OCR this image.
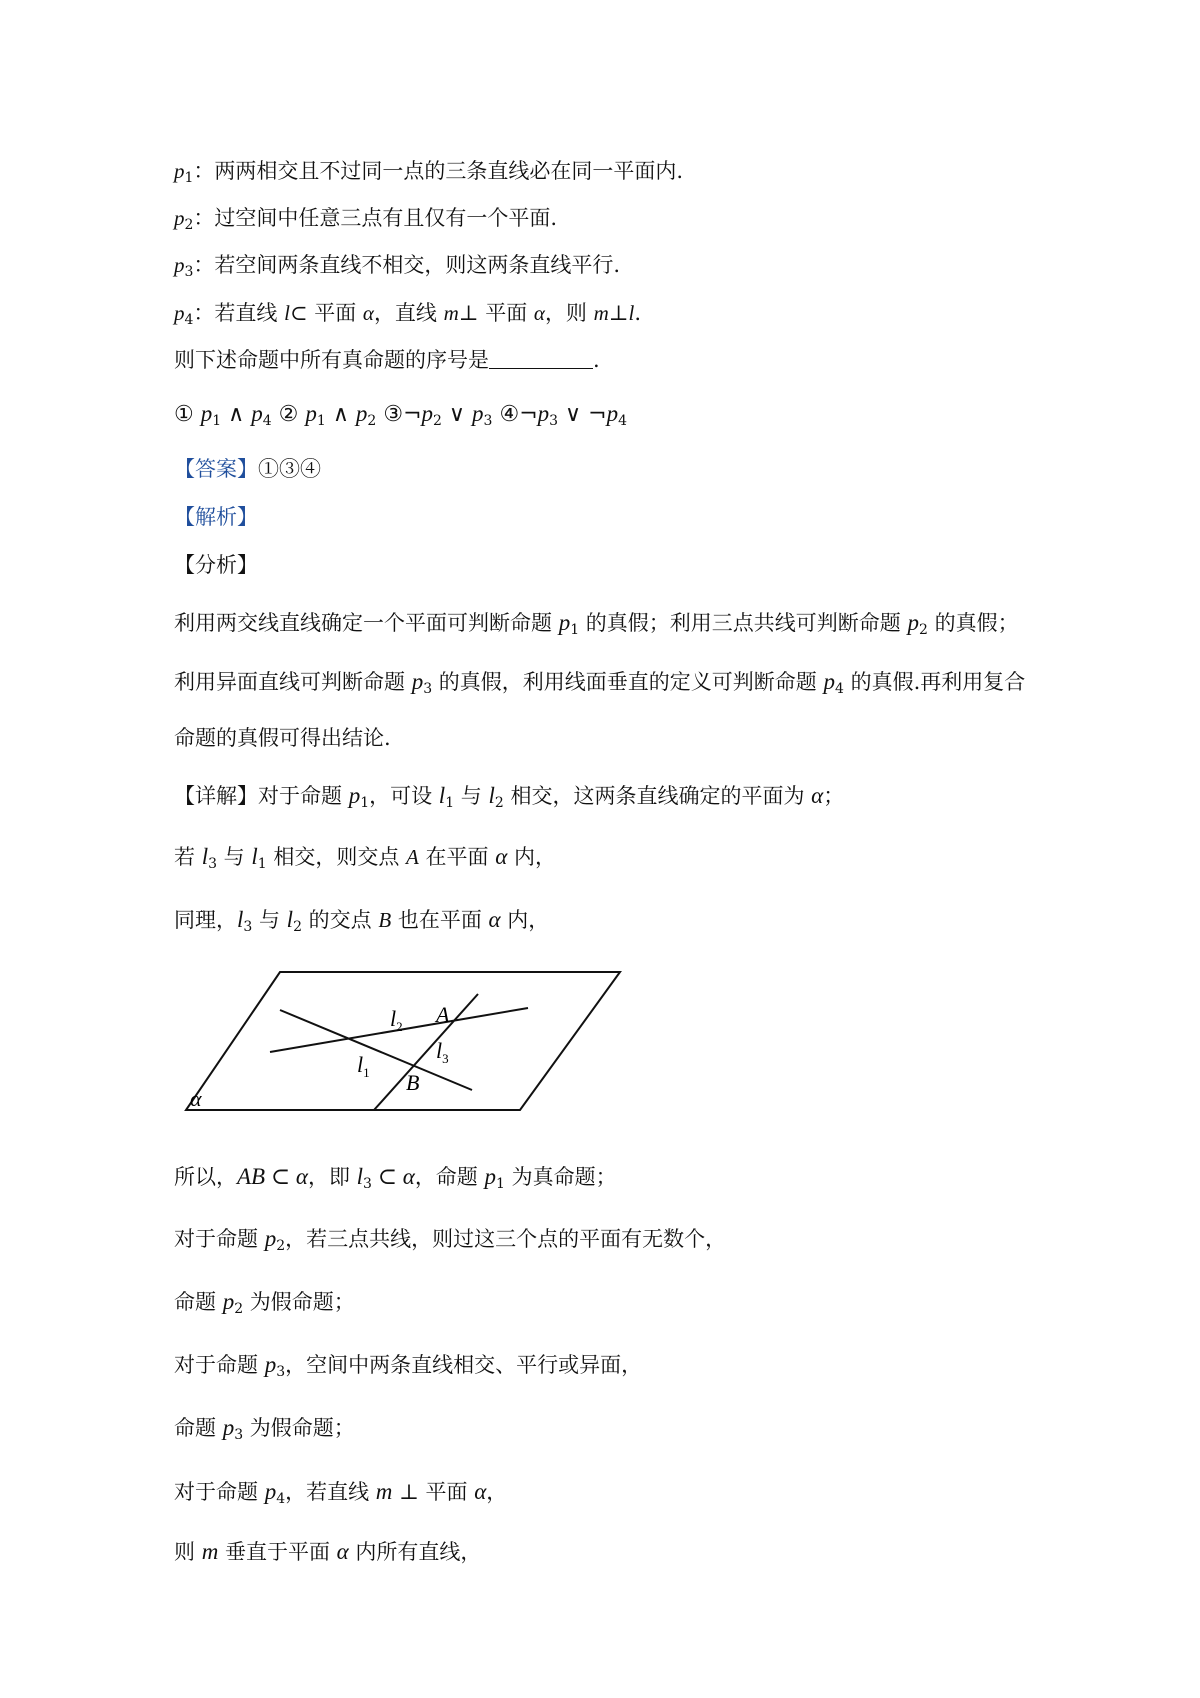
$p_1$：两两相交且不过同一点的三条直线必在同一平面内.
$p_2$：过空间中任意三点有且仅有一个平面.
$p_3$：若空间两条直线不相交，则这两条直线平行.
$p_4$：若直线 l⊂ 平面 α，直线 m⊥ 平面 α，则 m⊥l.
则下述命题中所有真命题的序号是	.
① $p_1$ ∧ $p_4$ ② $p_1$ ∧ $p_2$ $③\neg p_2$ ∨ $p_3$ $④\neg p_3$ ∨ $\neg p_4$
【答案】①③④
【解析】
【分析】
利用两交线直线确定一个平面可判断命题 $p_1$ 的真假；利用三点共线可判断命题 $p_2$ 的真假；
利用异面直线可判断命题 $p_3$ 的真假，利用线面垂直的定义可判断命题 $p_4$ 的真假.再利用复合
命题的真假可得出结论.
【详解】对于命题 $p_1$，可设 $l_1$ 与 $l_2$ 相交，这两条直线确定的平面为 α；
若 $l_3$ 与 $l_1$ 相交，则交点 A 在平面 α 内，
同理，$l_3$ 与 $l_2$ 的交点 B 也在平面 α 内，
$l_2$ A
$l_3$
$l_1$ B
α
所以，AB ⊂ α，即 $l_3$ ⊂ α，命题 $p_1$ 为真命题；
对于命题 $p_2$，若三点共线，则过这三个点的平面有无数个，
命题 $p_2$ 为假命题；
对于命题 $p_3$，空间中两条直线相交、平行或异面，
命题 $p_3$ 为假命题；
对于命题 $p_4$，若直线 m ⊥ 平面 α，
则 m 垂直于平面 α 内所有直线，
